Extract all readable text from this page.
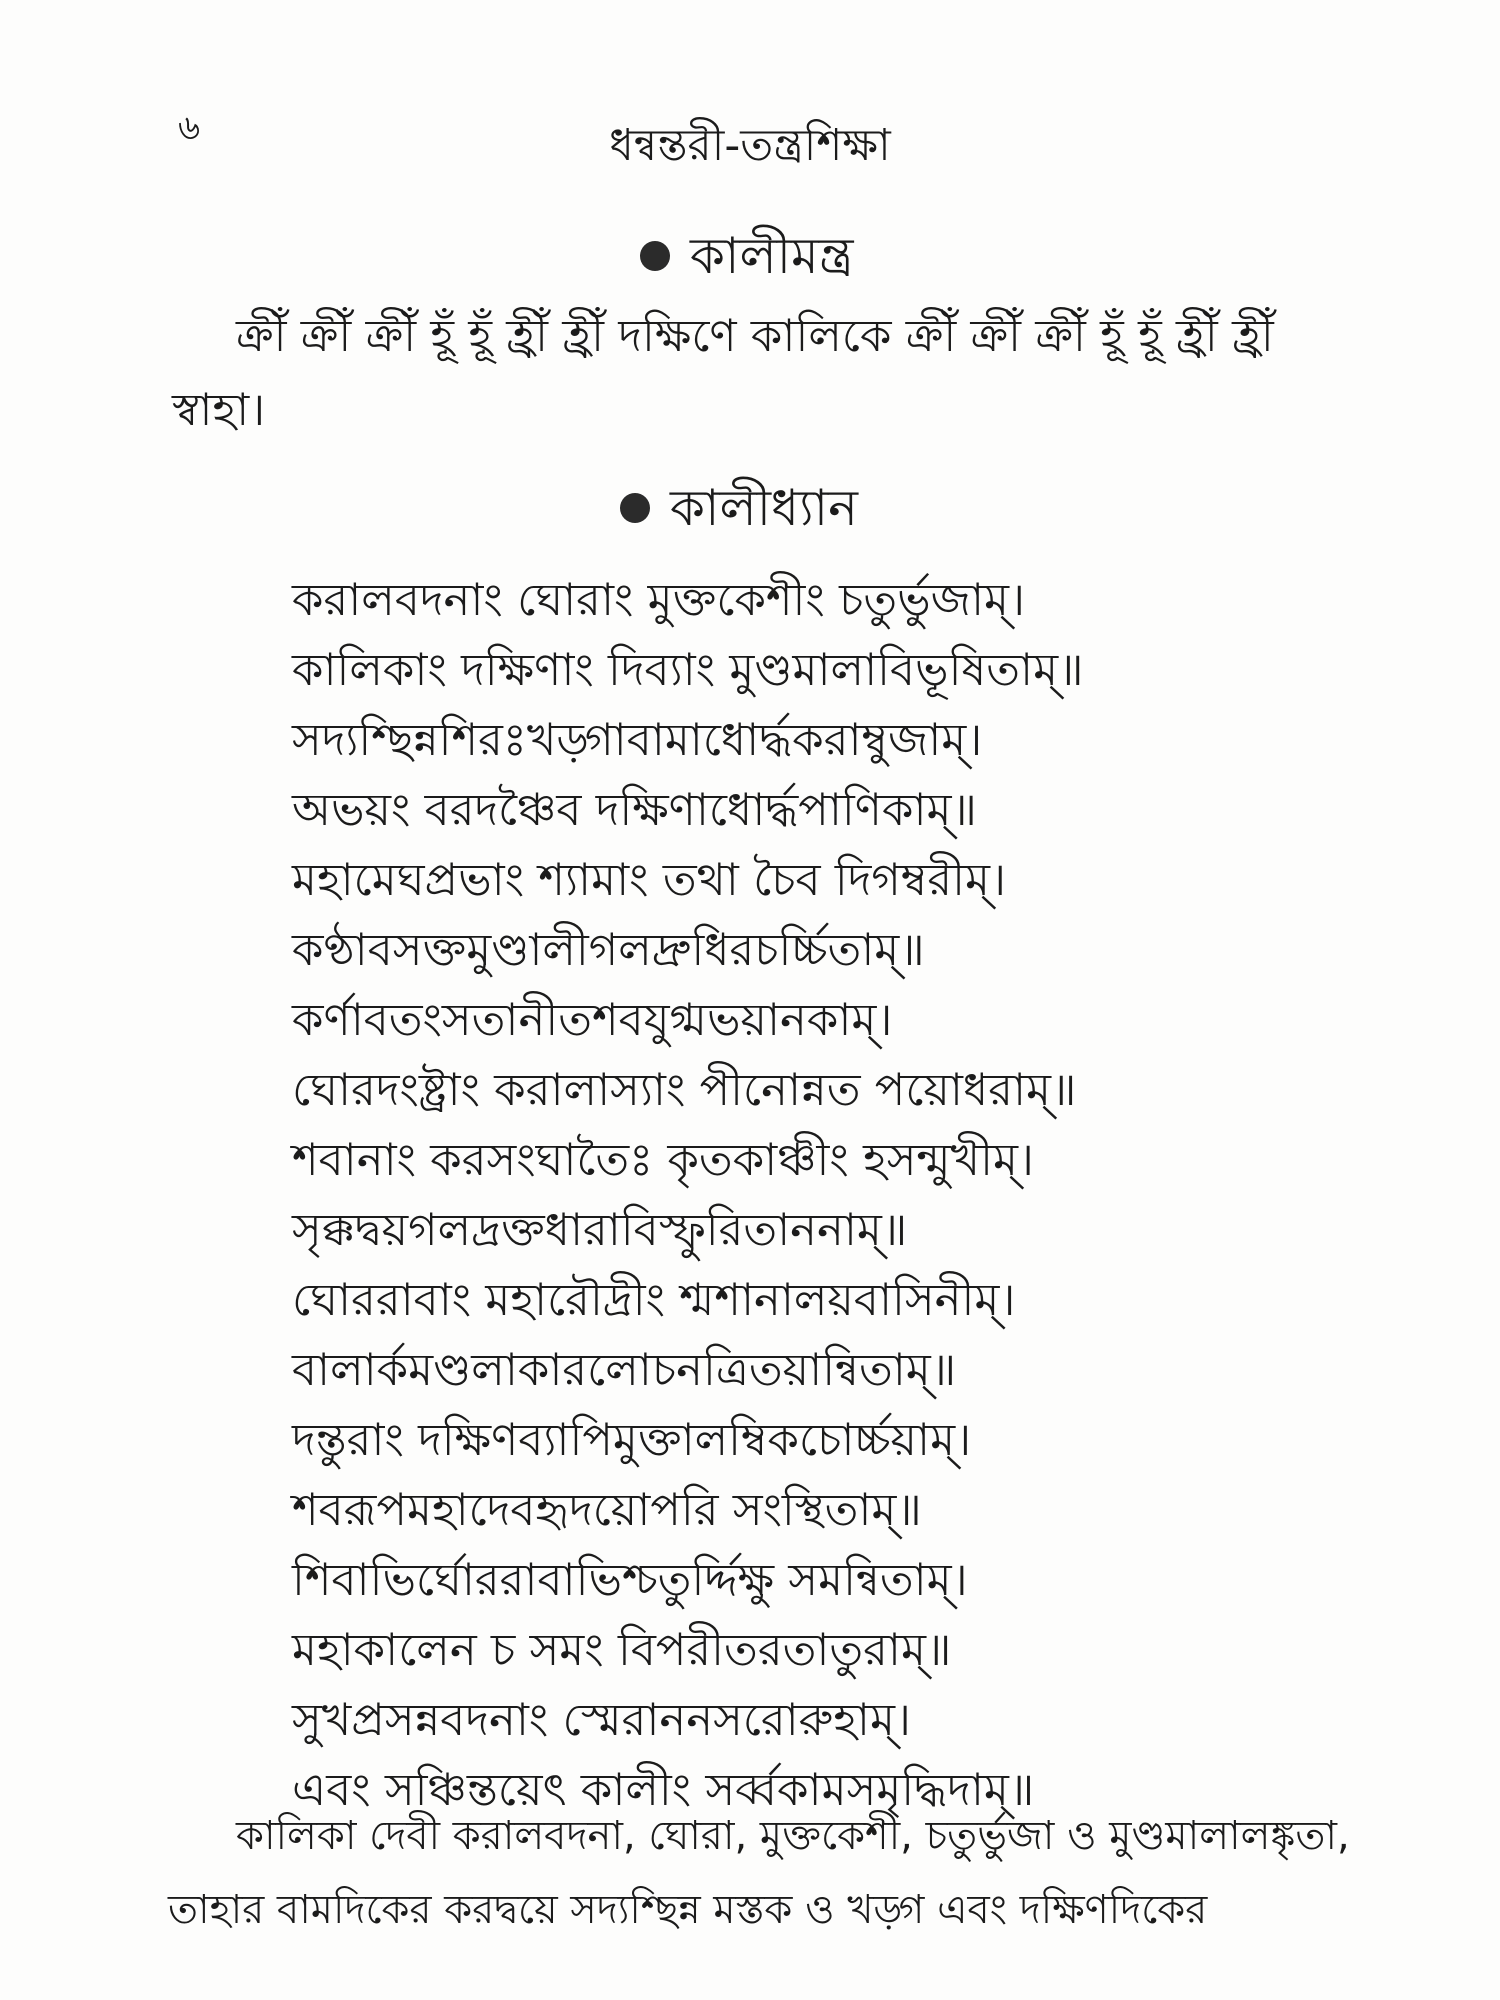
৬	ধন্বন্তরী-তন্ত্রশিক্ষা
কালীমন্ত্র
ক্রীঁ ক্রীঁ ক্রীঁ হূঁ হূঁ হ্রীঁ হ্রীঁ দক্ষিণে কালিকে ক্রীঁ ক্রীঁ ক্রীঁ হূঁ হূঁ হ্রীঁ হ্রীঁ
স্বাহা।
কালীধ্যান
করালবদনাং ঘোরাং মুক্তকেশীং চতুর্ভুজাম্।
কালিকাং দক্ষিণাং দিব্যাং মুণ্ডমালাবিভূষিতাম্॥
সদ্যশ্ছিন্নশিরঃখড়্গাবামাধোর্দ্ধকরাম্বুজাম্।
অভয়ং বরদঞ্চৈব দক্ষিণাধোর্দ্ধপাণিকাম্॥
মহামেঘপ্রভাং শ্যামাং তথা চৈব দিগম্বরীম্।
কণ্ঠাবসক্তমুণ্ডালীগলদ্রুধিরচর্চ্চিতাম্॥
কর্ণাবতংসতানীতশবযুগ্মভয়ানকাম্।
ঘোরদংষ্ট্রাং করালাস্যাং পীনোন্নত পয়োধরাম্॥
শবানাং করসংঘাতৈঃ কৃতকাঞ্চীং হসন্মুখীম্।
সৃক্কদ্বয়গলদ্রক্তধারাবিস্ফুরিতাননাম্॥
ঘোররাবাং মহারৌদ্রীং শ্মশানালয়বাসিনীম্।
বালার্কমণ্ডলাকারলোচনত্রিতয়ান্বিতাম্॥
দন্তুরাং দক্ষিণব্যাপিমুক্তালম্বিকচোর্চ্চয়াম্।
শবরূপমহাদেবহৃদয়োপরি সংস্থিতাম্॥
শিবাভির্ঘোররাবাভিশ্চতুর্দ্দিক্ষু সমন্বিতাম্।
মহাকালেন চ সমং বিপরীতরতাতুরাম্॥
সুখপ্রসন্নবদনাং স্মেরাননসরোরুহাম্।
এবং সঞ্চিন্তয়েৎ কালীং সর্ব্বকামসমৃদ্ধিদাম্॥
কালিকা দেবী করালবদনা, ঘোরা, মুক্তকেশী, চতুর্ভুজা ও মুণ্ডমালালঙ্কৃতা,
তাহার বামদিকের করদ্বয়ে সদ্যশ্ছিন্ন মস্তক ও খড়্গ এবং দক্ষিণদিকের
